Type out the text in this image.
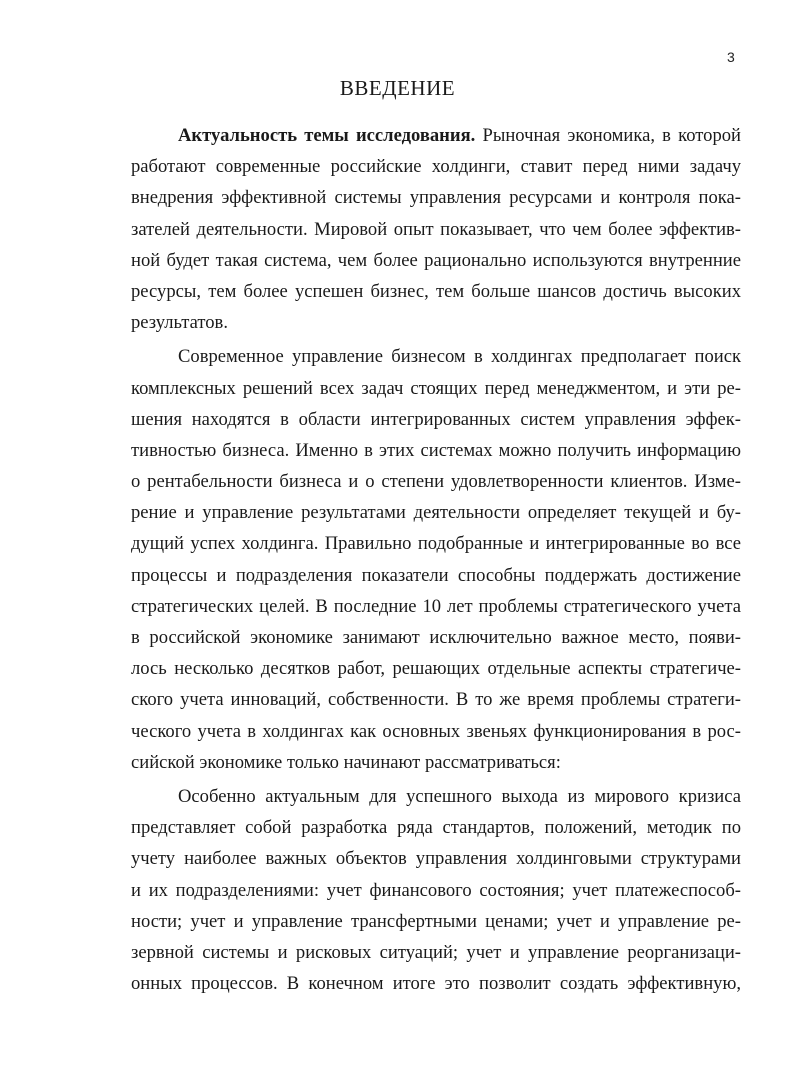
3
ВВЕДЕНИЕ
Актуальность темы исследования. Рыночная экономика, в которой
работают современные российские холдинги, ставит перед ними задачу
внедрения эффективной системы управления ресурсами и контроля пока-
зателей деятельности. Мировой опыт показывает, что чем более эффектив-
ной будет такая система, чем более рационально используются внутренние
ресурсы, тем более успешен бизнес, тем больше шансов достичь высоких
результатов.
Современное управление бизнесом в холдингах предполагает поиск
комплексных решений всех задач стоящих перед менеджментом, и эти ре-
шения находятся в области интегрированных систем управления эффек-
тивностью бизнеса. Именно в этих системах можно получить информацию
о рентабельности бизнеса и о степени удовлетворенности клиентов. Изме-
рение и управление результатами деятельности определяет текущей и бу-
дущий успех холдинга. Правильно подобранные и интегрированные во все
процессы и подразделения показатели способны поддержать достижение
стратегических целей. В последние 10 лет проблемы стратегического учета
в российской экономике занимают исключительно важное место, появи-
лось несколько десятков работ, решающих отдельные аспекты стратегиче-
ского учета инноваций, собственности. В то же время проблемы стратеги-
ческого учета в холдингах как основных звеньях функционирования в рос-
сийской экономике только начинают рассматриваться:
Особенно актуальным для успешного выхода из мирового кризиса
представляет собой разработка ряда стандартов, положений, методик по
учету наиболее важных объектов управления холдинговыми структурами
и их подразделениями: учет финансового состояния; учет платежеспособ-
ности; учет и управление трансфертными ценами; учет и управление ре-
зервной системы и рисковых ситуаций; учет и управление реорганизаци-
онных процессов. В конечном итоге это позволит создать эффективную,
